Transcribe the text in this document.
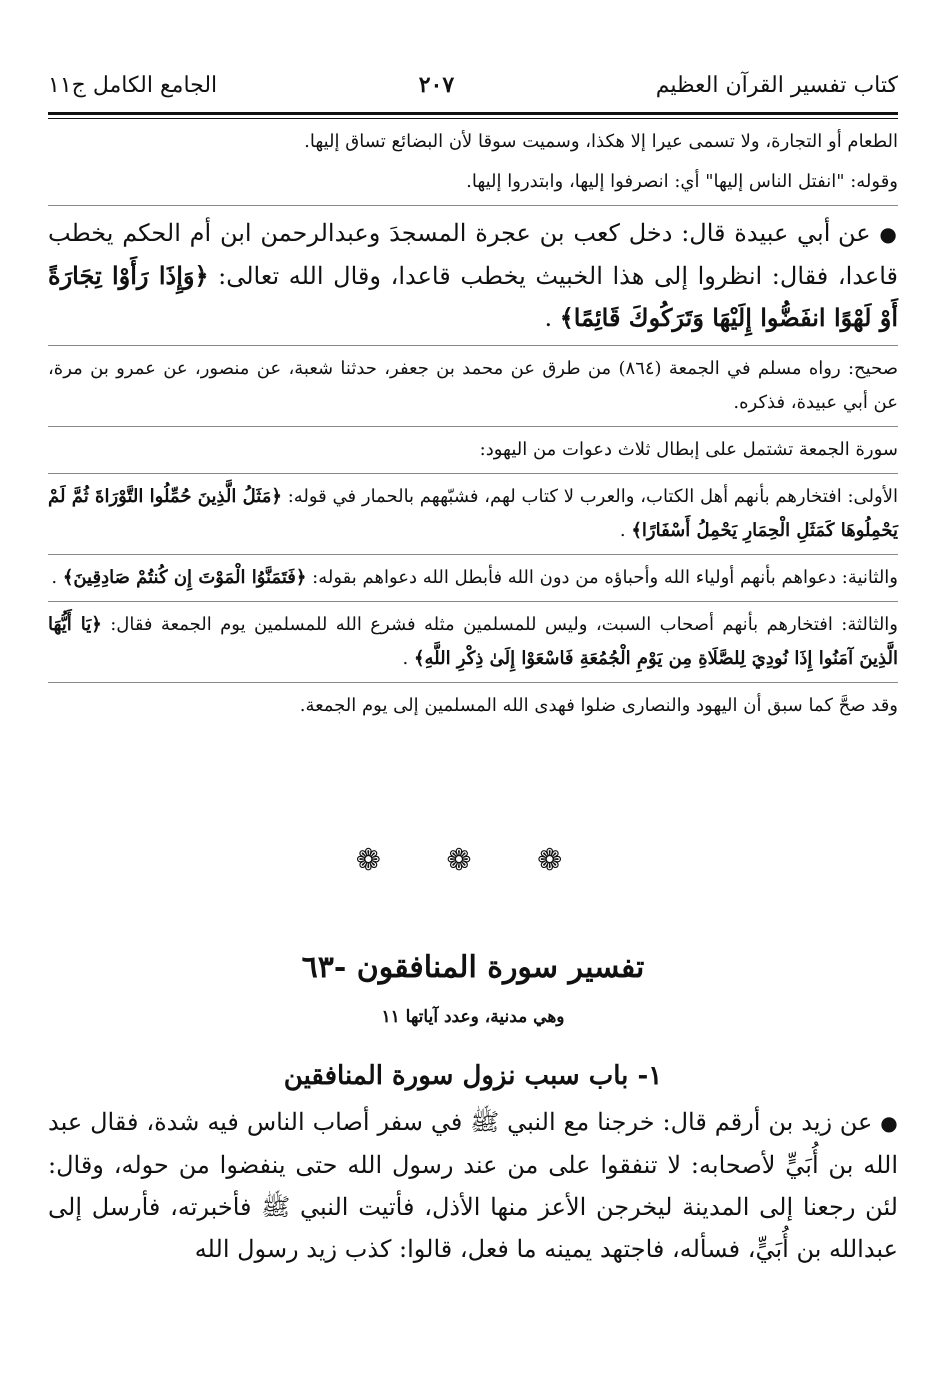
كتاب تفسير القرآن العظيم
٢٠٧
الجامع الكامل ج١١

الطعام أو التجارة، ولا تسمى عيرا إلا هكذا، وسميت سوقا لأن البضائع تساق إليها.

وقوله: "انفتل الناس إليها" أي: انصرفوا إليها، وابتدروا إليها.

● عن أبي عبيدة قال: دخل كعب بن عجرة المسجدَ وعبدالرحمن ابن أم الحكم يخطب قاعدا، فقال: انظروا إلى هذا الخبيث يخطب قاعدا، وقال الله تعالى: ﴿وَإِذَا رَأَوْا تِجَارَةً أَوْ لَهْوًا انفَضُّوا إِلَيْهَا وَتَرَكُوكَ قَائِمًا﴾ .

صحيح: رواه مسلم في الجمعة (٨٦٤) من طرق عن محمد بن جعفر، حدثنا شعبة، عن منصور، عن عمرو بن مرة، عن أبي عبيدة، فذكره.

سورة الجمعة تشتمل على إبطال ثلاث دعوات من اليهود:

الأولى: افتخارهم بأنهم أهل الكتاب، والعرب لا كتاب لهم، فشبّههم بالحمار في قوله: ﴿مَثَلُ الَّذِينَ حُمِّلُوا التَّوْرَاةَ ثُمَّ لَمْ يَحْمِلُوهَا كَمَثَلِ الْحِمَارِ يَحْمِلُ أَسْفَارًا﴾ .

والثانية: دعواهم بأنهم أولياء الله وأحباؤه من دون الله فأبطل الله دعواهم بقوله: ﴿فَتَمَنَّوُا الْمَوْتَ إِن كُنتُمْ صَادِقِينَ﴾ .

والثالثة: افتخارهم بأنهم أصحاب السبت، وليس للمسلمين مثله فشرع الله للمسلمين يوم الجمعة فقال: ﴿يَا أَيُّهَا الَّذِينَ آمَنُوا إِذَا نُودِيَ لِلصَّلَاةِ مِن يَوْمِ الْجُمُعَةِ فَاسْعَوْا إِلَىٰ ذِكْرِ اللَّهِ﴾ .

وقد صحَّ كما سبق أن اليهود والنصارى ضلوا فهدى الله المسلمين إلى يوم الجمعة.

❁ ❁ ❁
تفسير سورة المنافقون -٦٣
وهي مدنية، وعدد آياتها ١١
١- باب سبب نزول سورة المنافقين

● عن زيد بن أرقم قال: خرجنا مع النبي ﷺ في سفر أصاب الناس فيه شدة، فقال عبد الله بن أُبَيٍّ لأصحابه: لا تنفقوا على من عند رسول الله حتى ينفضوا من حوله، وقال: لئن رجعنا إلى المدينة ليخرجن الأعز منها الأذل، فأتيت النبي ﷺ فأخبرته، فأرسل إلى عبدالله بن أُبَيٍّ، فسأله، فاجتهد يمينه ما فعل، قالوا: كذب زيد رسول الله
